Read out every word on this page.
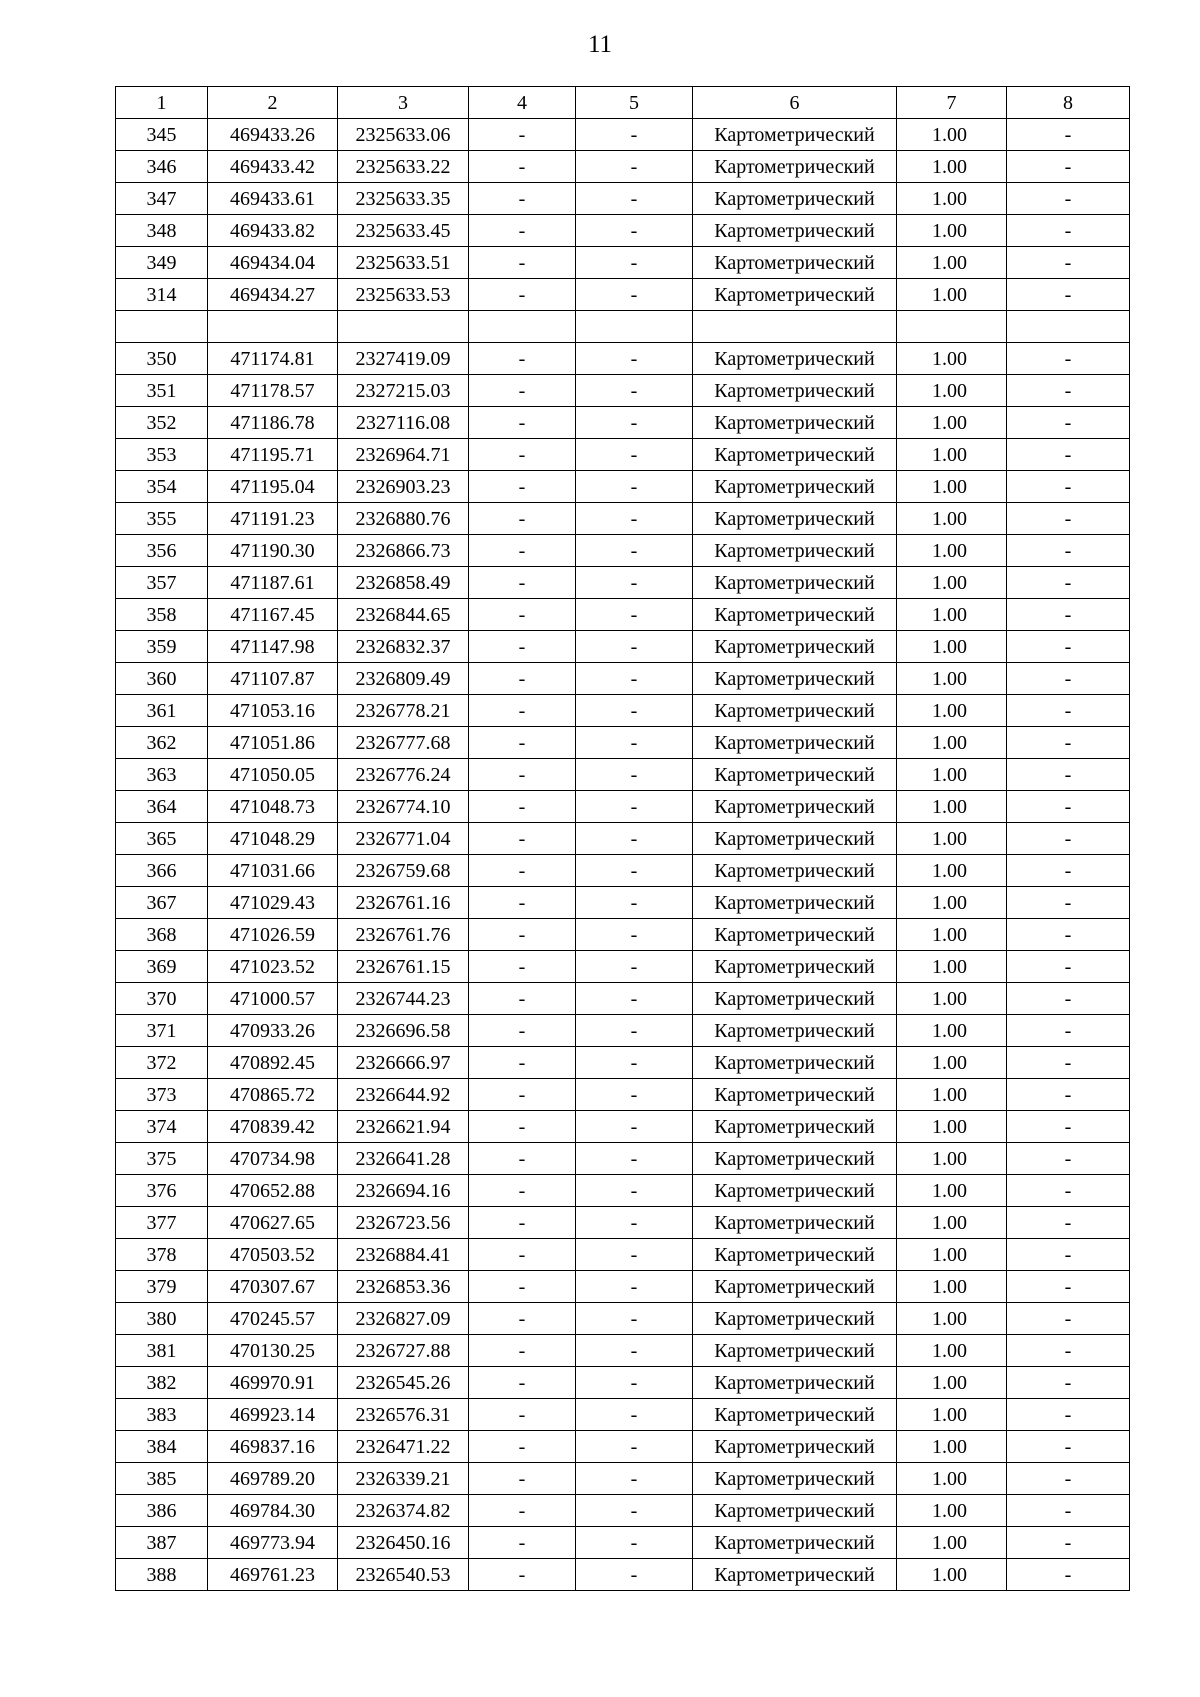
11
1	2	3	4	5	6	7	8
345	469433.26	2325633.06	-	-	Картометрический	1.00	-
346	469433.42	2325633.22	-	-	Картометрический	1.00	-
347	469433.61	2325633.35	-	-	Картометрический	1.00	-
348	469433.82	2325633.45	-	-	Картометрический	1.00	-
349	469434.04	2325633.51	-	-	Картометрический	1.00	-
314	469434.27	2325633.53	-	-	Картометрический	1.00	-

350	471174.81	2327419.09	-	-	Картометрический	1.00	-
351	471178.57	2327215.03	-	-	Картометрический	1.00	-
352	471186.78	2327116.08	-	-	Картометрический	1.00	-
353	471195.71	2326964.71	-	-	Картометрический	1.00	-
354	471195.04	2326903.23	-	-	Картометрический	1.00	-
355	471191.23	2326880.76	-	-	Картометрический	1.00	-
356	471190.30	2326866.73	-	-	Картометрический	1.00	-
357	471187.61	2326858.49	-	-	Картометрический	1.00	-
358	471167.45	2326844.65	-	-	Картометрический	1.00	-
359	471147.98	2326832.37	-	-	Картометрический	1.00	-
360	471107.87	2326809.49	-	-	Картометрический	1.00	-
361	471053.16	2326778.21	-	-	Картометрический	1.00	-
362	471051.86	2326777.68	-	-	Картометрический	1.00	-
363	471050.05	2326776.24	-	-	Картометрический	1.00	-
364	471048.73	2326774.10	-	-	Картометрический	1.00	-
365	471048.29	2326771.04	-	-	Картометрический	1.00	-
366	471031.66	2326759.68	-	-	Картометрический	1.00	-
367	471029.43	2326761.16	-	-	Картометрический	1.00	-
368	471026.59	2326761.76	-	-	Картометрический	1.00	-
369	471023.52	2326761.15	-	-	Картометрический	1.00	-
370	471000.57	2326744.23	-	-	Картометрический	1.00	-
371	470933.26	2326696.58	-	-	Картометрический	1.00	-
372	470892.45	2326666.97	-	-	Картометрический	1.00	-
373	470865.72	2326644.92	-	-	Картометрический	1.00	-
374	470839.42	2326621.94	-	-	Картометрический	1.00	-
375	470734.98	2326641.28	-	-	Картометрический	1.00	-
376	470652.88	2326694.16	-	-	Картометрический	1.00	-
377	470627.65	2326723.56	-	-	Картометрический	1.00	-
378	470503.52	2326884.41	-	-	Картометрический	1.00	-
379	470307.67	2326853.36	-	-	Картометрический	1.00	-
380	470245.57	2326827.09	-	-	Картометрический	1.00	-
381	470130.25	2326727.88	-	-	Картометрический	1.00	-
382	469970.91	2326545.26	-	-	Картометрический	1.00	-
383	469923.14	2326576.31	-	-	Картометрический	1.00	-
384	469837.16	2326471.22	-	-	Картометрический	1.00	-
385	469789.20	2326339.21	-	-	Картометрический	1.00	-
386	469784.30	2326374.82	-	-	Картометрический	1.00	-
387	469773.94	2326450.16	-	-	Картометрический	1.00	-
388	469761.23	2326540.53	-	-	Картометрический	1.00	-
